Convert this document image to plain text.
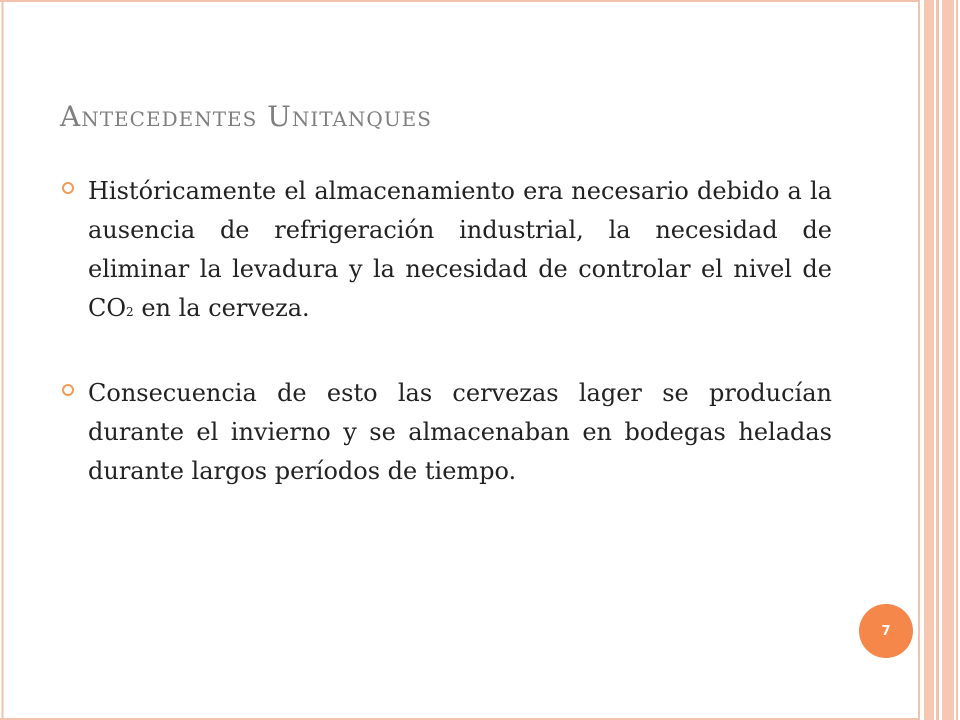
Antecedentes Unitanques
Históricamente el almacenamiento era necesario debido a la ausencia de refrigeración industrial, la necesidad de eliminar la levadura y la necesidad de controlar el nivel de CO2 en la cerveza.
Consecuencia de esto las cervezas lager se producían durante el invierno y se almacenaban en bodegas heladas durante largos períodos de tiempo.
7
